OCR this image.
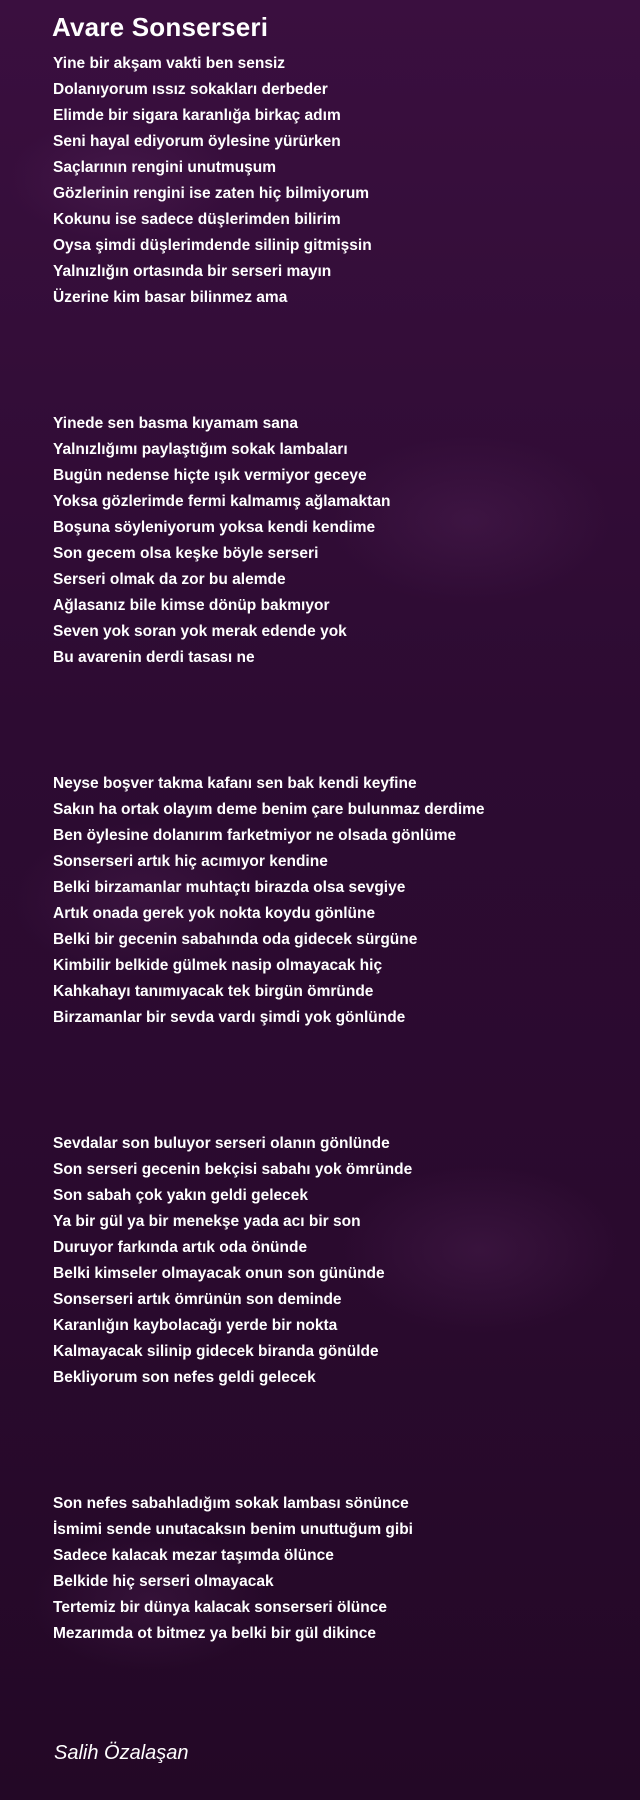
Avare Sonserseri
Yine bir akşam vakti ben sensiz
Dolanıyorum ıssız sokakları derbeder
Elimde bir sigara karanlığa birkaç adım
Seni hayal ediyorum öylesine yürürken
Saçlarının rengini unutmuşum
Gözlerinin rengini ise zaten hiç bilmiyorum
Kokunu ise sadece düşlerimden bilirim
Oysa şimdi düşlerimdende silinip gitmişsin
Yalnızlığın ortasında bir serseri mayın
Üzerine kim basar bilinmez ama
Yinede sen basma kıyamam sana
Yalnızlığımı paylaştığım sokak lambaları
Bugün nedense hiçte ışık vermiyor geceye
Yoksa gözlerimde fermi kalmamış ağlamaktan
Boşuna söyleniyorum yoksa kendi kendime
Son gecem olsa keşke böyle serseri
Serseri olmak da zor bu alemde
Ağlasanız bile kimse dönüp bakmıyor
Seven yok soran yok merak edende yok
Bu avarenin derdi tasası ne
Neyse boşver takma kafanı sen bak kendi keyfine
Sakın ha ortak olayım deme benim çare bulunmaz derdime
Ben öylesine dolanırım farketmiyor ne olsada gönlüme
Sonserseri artık hiç acımıyor kendine
Belki birzamanlar muhtaçtı birazda olsa sevgiye
Artık onada gerek yok nokta koydu gönlüne
Belki bir gecenin sabahında oda gidecek sürgüne
Kimbilir belkide gülmek nasip olmayacak hiç
Kahkahayı tanımıyacak tek birgün ömründe
Birzamanlar bir sevda vardı şimdi yok gönlünde
Sevdalar son buluyor serseri olanın gönlünde
Son serseri gecenin bekçisi sabahı yok ömründe
Son sabah çok yakın geldi gelecek
Ya bir gül ya bir menekşe yada acı bir son
Duruyor farkında artık oda önünde
Belki kimseler olmayacak onun son gününde
Sonserseri artık ömrünün son deminde
Karanlığın kaybolacağı yerde bir nokta
Kalmayacak silinip gidecek biranda gönülde
Bekliyorum son nefes geldi gelecek
Son nefes sabahladığım sokak lambası sönünce
İsmimi sende unutacaksın benim unuttuğum gibi
Sadece kalacak mezar taşımda ölünce
Belkide hiç serseri olmayacak
Tertemiz bir dünya kalacak sonserseri ölünce
Mezarımda ot bitmez ya belki bir gül dikince
Salih Özalaşan
